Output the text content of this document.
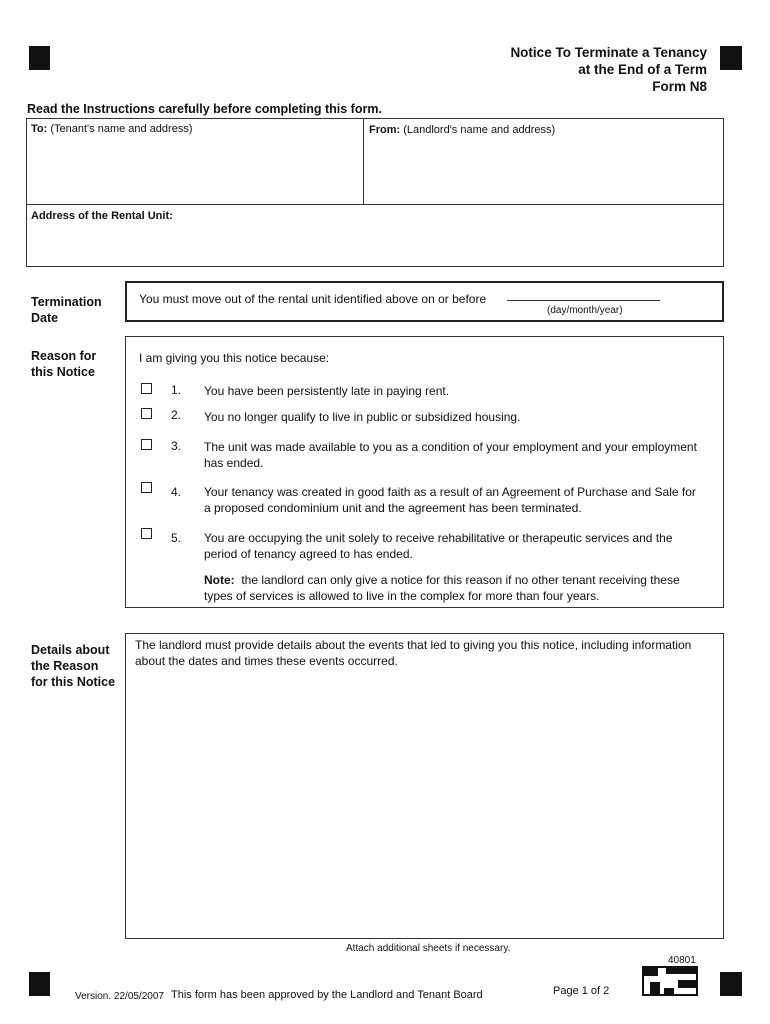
Notice To Terminate a Tenancy
at the End of a Term
Form N8
Read the Instructions carefully before completing this form.
To: (Tenant's name and address)	From: (Landlord's name and address)
Address of the Rental Unit:
Termination
Date
You must move out of the rental unit identified above on or before
(day/month/year)
Reason for
this Notice
I am giving you this notice because:
1. You have been persistently late in paying rent.
2. You no longer qualify to live in public or subsidized housing.
3. The unit was made available to you as a condition of your employment and your employment
has ended.
4. Your tenancy was created in good faith as a result of an Agreement of Purchase and Sale for
a proposed condominium unit and the agreement has been terminated.
5. You are occupying the unit solely to receive rehabilitative or therapeutic services and the
period of tenancy agreed to has ended.
Note: the landlord can only give a notice for this reason if no other tenant receiving these
types of services is allowed to live in the complex for more than four years.
Details about
the Reason
for this Notice
The landlord must provide details about the events that led to giving you this notice, including information
about the dates and times these events occurred.
Attach additional sheets if necessary.
40801
Version. 22/05/2007 This form has been approved by the Landlord and Tenant Board	Page 1 of 2
